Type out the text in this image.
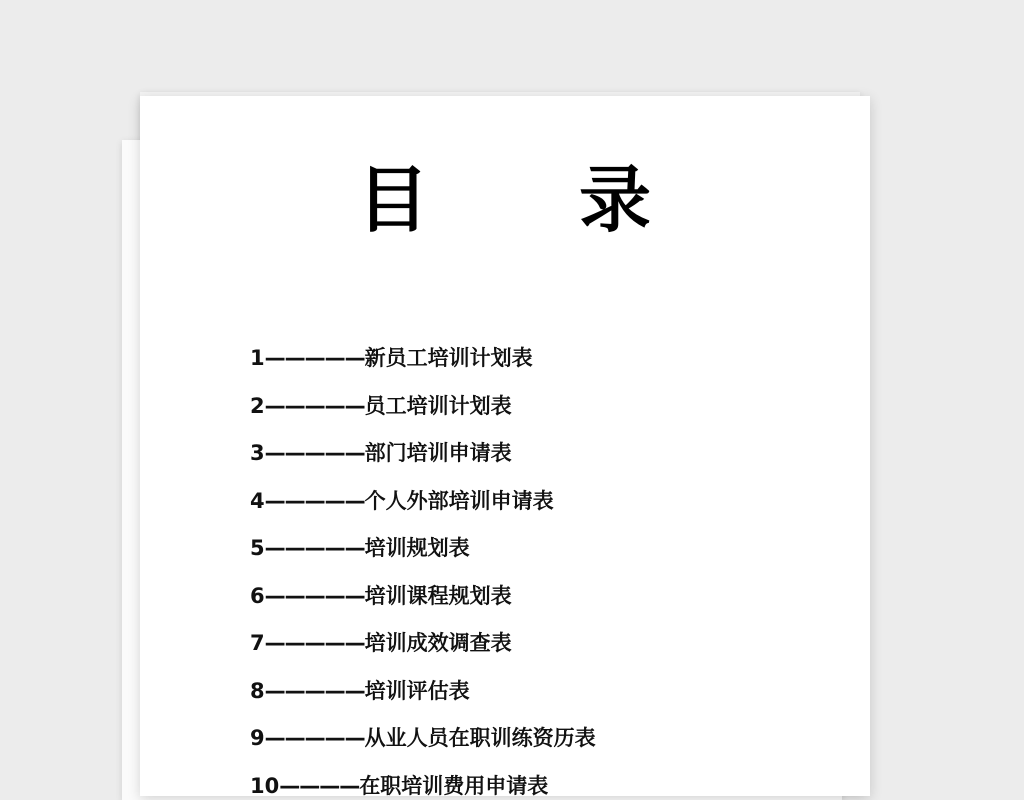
目　　录
1—————新员工培训计划表
2—————员工培训计划表
3—————部门培训申请表
4—————个人外部培训申请表
5—————培训规划表
6—————培训课程规划表
7—————培训成效调查表
8—————培训评估表
9—————从业人员在职训练资历表
10————在职培训费用申请表
